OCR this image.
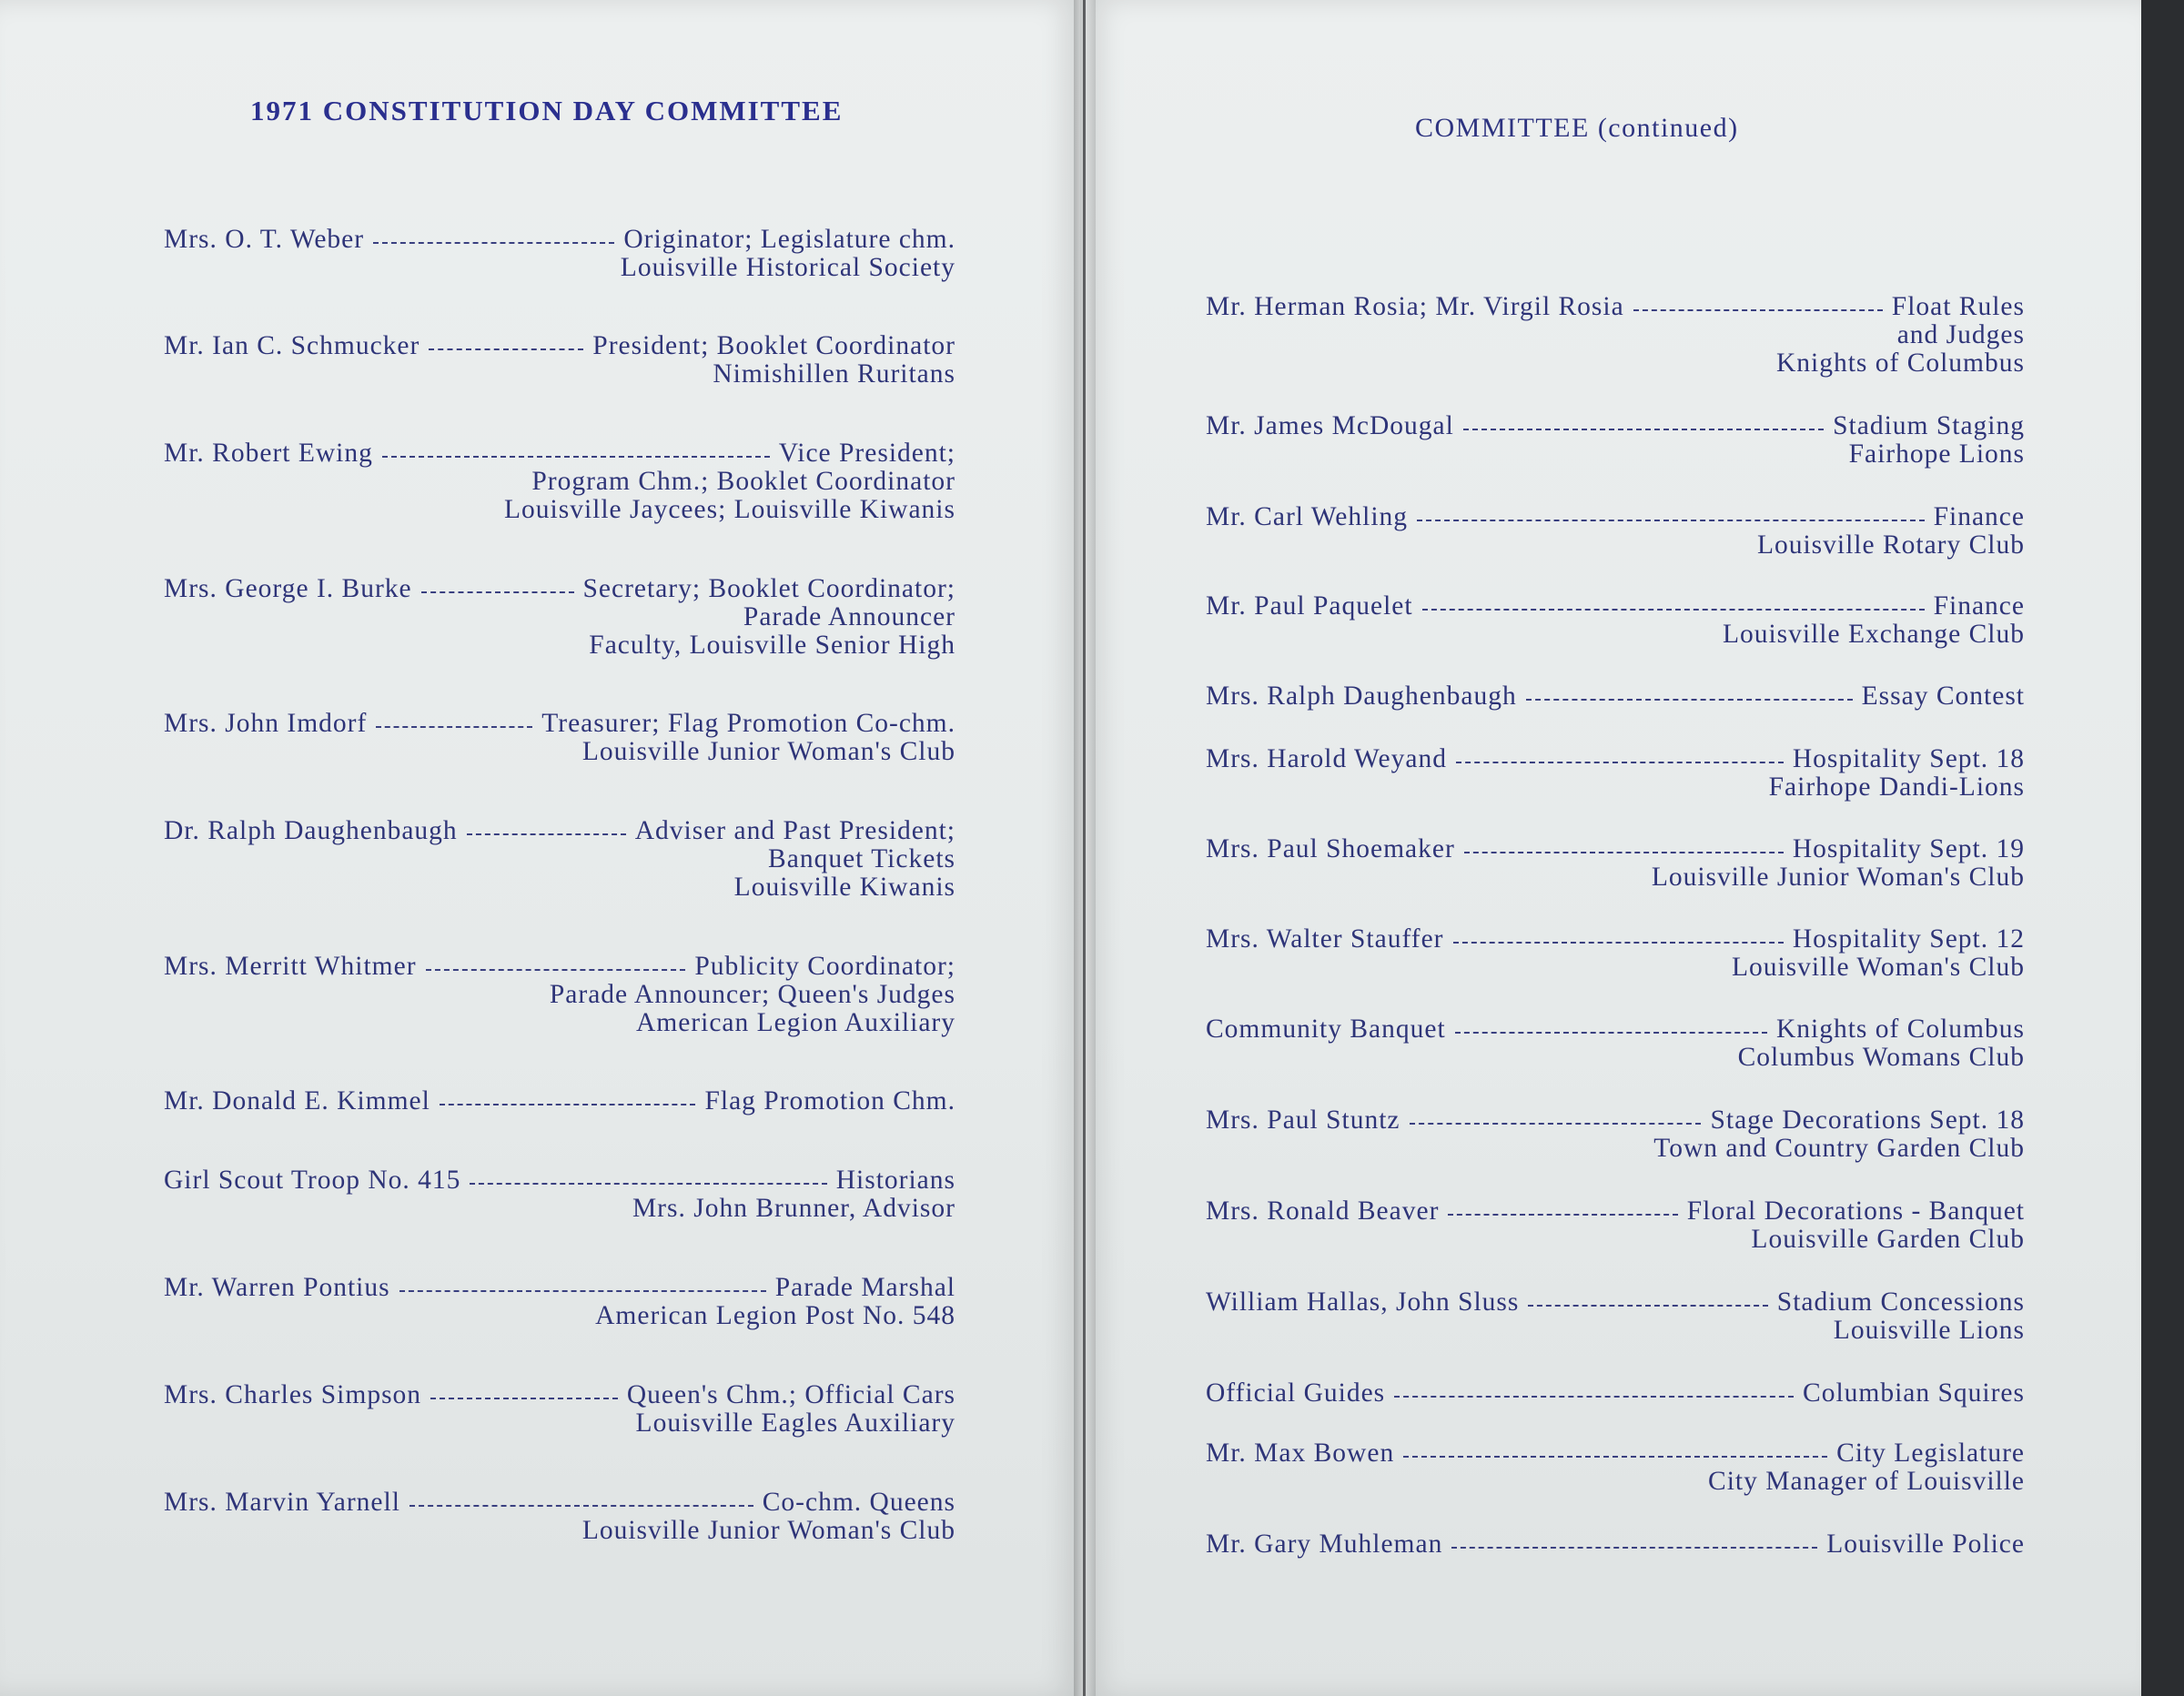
1971 CONSTITUTION DAY COMMITTEE
COMMITTEE (continued)
Mrs. O. T. Weber	Originator; Legislature chm.
Louisville Historical Society
Mr. Ian C. Schmucker	President; Booklet Coordinator
Nimishillen Ruritans
Mr. Robert Ewing	Vice President;
Program Chm.; Booklet Coordinator
Louisville Jaycees; Louisville Kiwanis
Mrs. George I. Burke	Secretary; Booklet Coordinator;
Parade Announcer
Faculty, Louisville Senior High
Mrs. John Imdorf	Treasurer; Flag Promotion Co-chm.
Louisville Junior Woman's Club
Dr. Ralph Daughenbaugh	Adviser and Past President;
Banquet Tickets
Louisville Kiwanis
Mrs. Merritt Whitmer	Publicity Coordinator;
Parade Announcer; Queen's Judges
American Legion Auxiliary
Mr. Donald E. Kimmel	Flag Promotion Chm.
Girl Scout Troop No. 415	Historians
Mrs. John Brunner, Advisor
Mr. Warren Pontius	Parade Marshal
American Legion Post No. 548
Mrs. Charles Simpson	Queen's Chm.; Official Cars
Louisville Eagles Auxiliary
Mrs. Marvin Yarnell	Co-chm. Queens
Louisville Junior Woman's Club
Mr. Herman Rosia; Mr. Virgil Rosia	Float Rules
and Judges
Knights of Columbus
Mr. James McDougal	Stadium Staging
Fairhope Lions
Mr. Carl Wehling	Finance
Louisville Rotary Club
Mr. Paul Paquelet	Finance
Louisville Exchange Club
Mrs. Ralph Daughenbaugh	Essay Contest
Mrs. Harold Weyand	Hospitality Sept. 18
Fairhope Dandi-Lions
Mrs. Paul Shoemaker	Hospitality Sept. 19
Louisville Junior Woman's Club
Mrs. Walter Stauffer	Hospitality Sept. 12
Louisville Woman's Club
Community Banquet	Knights of Columbus
Columbus Womans Club
Mrs. Paul Stuntz	Stage Decorations Sept. 18
Town and Country Garden Club
Mrs. Ronald Beaver	Floral Decorations - Banquet
Louisville Garden Club
William Hallas, John Sluss	Stadium Concessions
Louisville Lions
Official Guides	Columbian Squires
Mr. Max Bowen	City Legislature
City Manager of Louisville
Mr. Gary Muhleman	Louisville Police
